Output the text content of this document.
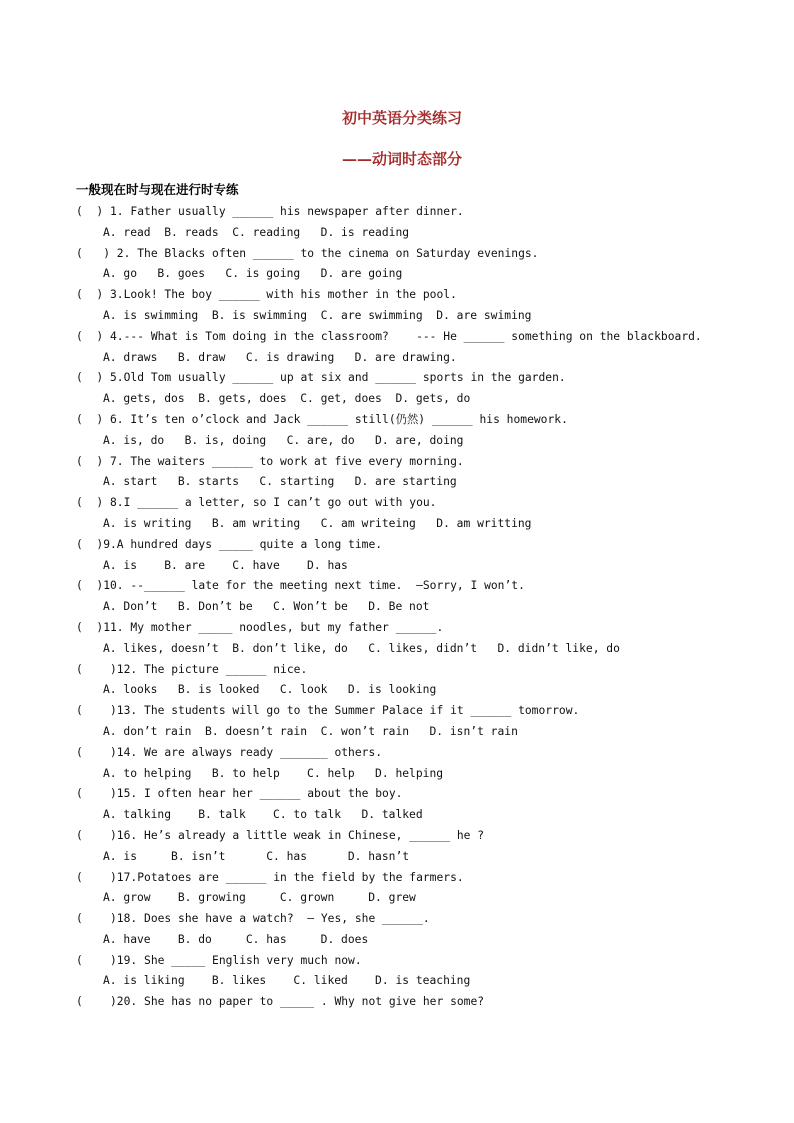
初中英语分类练习
——动词时态部分
一般现在时与现在进行时专练
(  ) 1. Father usually ______ his newspaper after dinner.
A. read  B. reads  C. reading   D. is reading
(   ) 2. The Blacks often ______ to the cinema on Saturday evenings.
A. go   B. goes   C. is going   D. are going
(  ) 3.Look! The boy ______ with his mother in the pool.
A. is swimming  B. is swimming  C. are swimming  D. are swiming
(  ) 4.--- What is Tom doing in the classroom?    --- He ______ something on the blackboard.
A. draws   B. draw   C. is drawing   D. are drawing.
(  ) 5.Old Tom usually ______ up at six and ______ sports in the garden.
A. gets, dos  B. gets, does  C. get, does  D. gets, do
(  ) 6. It’s ten o’clock and Jack ______ still(仍然) ______ his homework.
A. is, do   B. is, doing   C. are, do   D. are, doing
(  ) 7. The waiters ______ to work at five every morning.
A. start   B. starts   C. starting   D. are starting
(  ) 8.I ______ a letter, so I can’t go out with you.
A. is writing   B. am writing   C. am writeing   D. am writting
(  )9.A hundred days _____ quite a long time.
A. is    B. are    C. have    D. has
(  )10. --______ late for the meeting next time.  –Sorry, I won’t.
A. Don’t   B. Don’t be   C. Won’t be   D. Be not
(  )11. My mother _____ noodles, but my father ______.
A. likes, doesn’t  B. don’t like, do   C. likes, didn’t   D. didn’t like, do
(    )12. The picture ______ nice.
A. looks   B. is looked   C. look   D. is looking
(    )13. The students will go to the Summer Palace if it ______ tomorrow.
A. don’t rain  B. doesn’t rain  C. won’t rain   D. isn’t rain
(    )14. We are always ready _______ others.
A. to helping   B. to help    C. help   D. helping
(    )15. I often hear her ______ about the boy.
A. talking    B. talk    C. to talk   D. talked
(    )16. He’s already a little weak in Chinese, ______ he ?
A. is     B. isn’t      C. has      D. hasn’t
(    )17.Potatoes are ______ in the field by the farmers.
A. grow    B. growing     C. grown     D. grew
(    )18. Does she have a watch?  – Yes, she ______.
A. have    B. do     C. has     D. does
(    )19. She _____ English very much now.
A. is liking    B. likes    C. liked    D. is teaching
(    )20. She has no paper to _____ . Why not give her some?
